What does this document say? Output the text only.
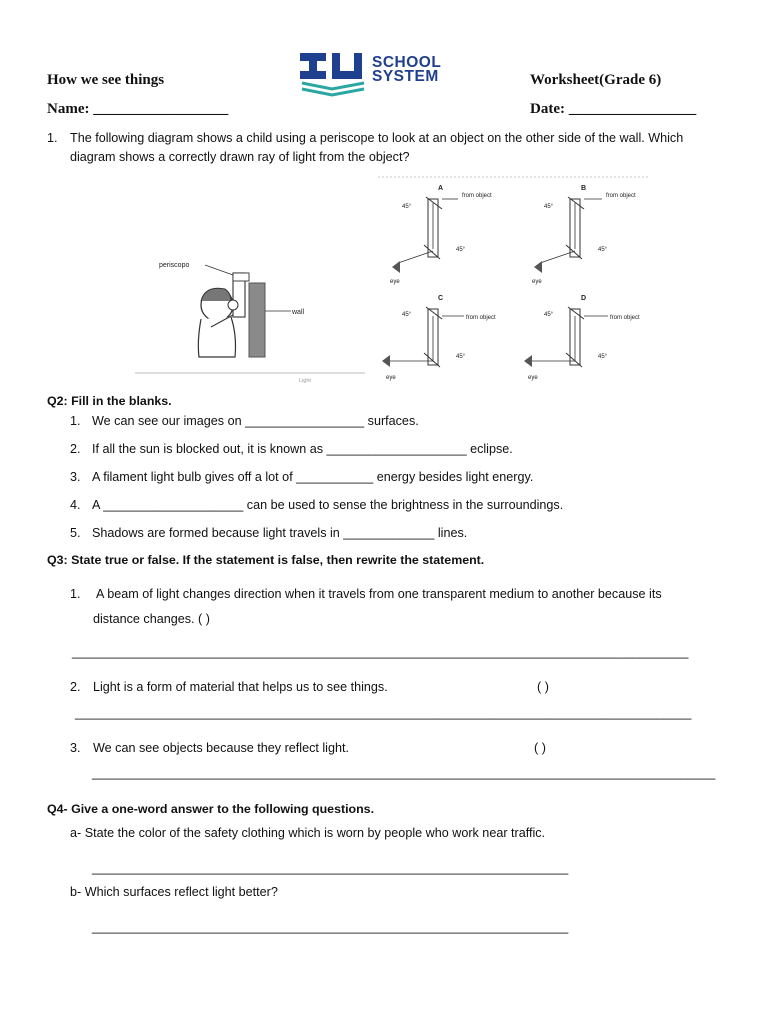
How we see things	Worksheet(Grade 6)
Name: __________________	Date: _________________
SCHOOL
SYSTEM
1. The following diagram shows a child using a periscope to look at an object on the other side of the wall. Which
diagram shows a correctly drawn ray of light from the object?
periscopo
wall
Light
A
from object
45°
45°
eye
B
from object
45°
45°
eye
C
from object
45°
45°
eye
D
from object
45°
45°
eye
Q2: Fill in the blanks.
1. We can see our images on _________________ surfaces.
2. If all the sun is blocked out, it is known as ____________________ eclipse.
3. A filament light bulb gives off a lot of ___________ energy besides light energy.
4. A ____________________ can be used to sense the brightness in the surroundings.
5. Shadows are formed because light travels in _____________ lines.
Q3: State true or false. If the statement is false, then rewrite the statement.
1. A beam of light changes direction when it travels from one transparent medium to another because its
distance changes. ( )
________________________________________________________________________________________
2. Light is a form of material that helps us to see things.	( )
________________________________________________________________________________________
3. We can see objects because they reflect light.	( )
_________________________________________________________________________________________
Q4- Give a one-word answer to the following questions.
a- State the color of the safety clothing which is worn by people who work near traffic.
____________________________________________________________________
b- Which surfaces reflect light better?
____________________________________________________________________
